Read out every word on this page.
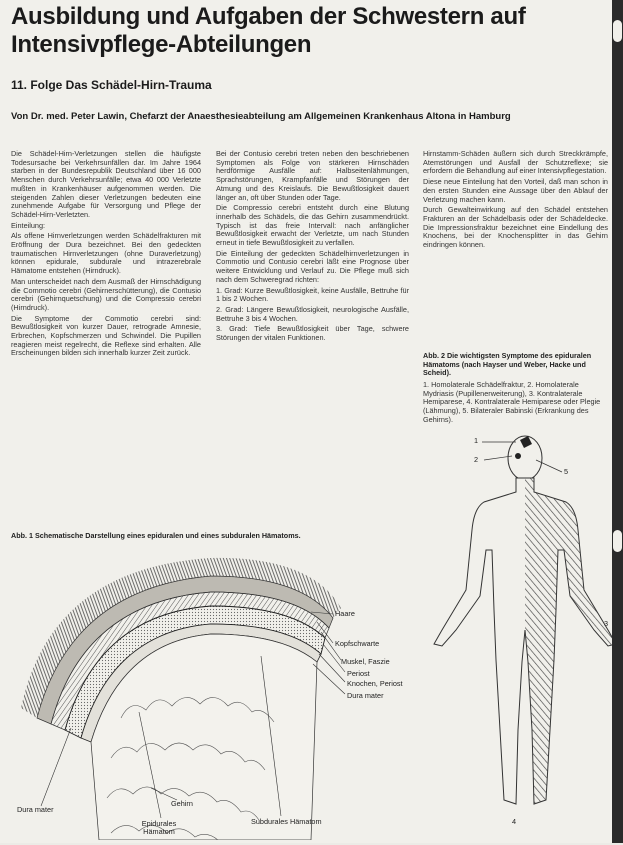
Ausbildung und Aufgaben der Schwestern auf Intensivpflege-Abteilungen
11. Folge Das Schädel-Hirn-Trauma
Von Dr. med. Peter Lawin, Chefarzt der Anaesthesieabteilung am Allgemeinen Krankenhaus Altona in Hamburg

Die Schädel-Hirn-Verletzungen stellen die häufigste Todesursache bei Verkehrsunfällen dar. Im Jahre 1964 starben in der Bundesrepublik Deutschland über 16 000 Menschen durch Verkehrsunfälle; etwa 40 000 Verletzte mußten in Krankenhäuser aufgenommen werden. Die steigenden Zahlen dieser Verletzungen bedeuten eine zunehmende Aufgabe für Versorgung und Pflege der Schädel-Hirn-Verletzten.

Einteilung:

Als offene Hirnverletzungen werden Schädelfrakturen mit Eröffnung der Dura bezeichnet. Bei den gedeckten traumatischen Hirnverletzungen (ohne Duraverletzung) können epidurale, subdurale und intrazerebrale Hämatome entstehen (Hirndruck).

Man unterscheidet nach dem Ausmaß der Hirnschädigung die Commotio cerebri (Gehirnerschütterung), die Contusio cerebri (Gehirnquetschung) und die Compressio cerebri (Hirndruck).

Die Symptome der Commotio cerebri sind: Bewußtlosigkeit von kurzer Dauer, retrograde Amnesie, Erbrechen, Kopfschmerzen und Schwindel. Die Pupillen reagieren meist regelrecht, die Reflexe sind erhalten. Alle Erscheinungen bilden sich innerhalb kurzer Zeit zurück.

Bei der Contusio cerebri treten neben den beschriebenen Symptomen als Folge von stärkeren Hirnschäden herdförmige Ausfälle auf: Halbseitenlähmungen, Sprachstörungen, Krampfanfälle und Störungen der Atmung und des Kreislaufs. Die Bewußtlosigkeit dauert länger an, oft über Stunden oder Tage.

Die Compressio cerebri entsteht durch eine Blutung innerhalb des Schädels, die das Gehirn zusammendrückt. Typisch ist das freie Intervall: nach anfänglicher Bewußtlosigkeit erwacht der Verletzte, um nach Stunden erneut in tiefe Bewußtlosigkeit zu verfallen.

Die Einteilung der gedeckten Schädelhirnverletzungen in Commotio und Contusio cerebri läßt eine Prognose über weitere Entwicklung und Verlauf zu. Die Pflege muß sich nach dem Schweregrad richten:

1. Grad: Kurze Bewußtlosigkeit, keine Ausfälle, Bettruhe für 1 bis 2 Wochen.

2. Grad: Längere Bewußtlosigkeit, neurologische Ausfälle, Bettruhe 3 bis 4 Wochen.

3. Grad: Tiefe Bewußtlosigkeit über Tage, schwere Störungen der vitalen Funktionen.

Hirnstamm-Schäden äußern sich durch Streckkrämpfe, Atemstörungen und Ausfall der Schutzreflexe; sie erfordern die Behandlung auf einer Intensivpflegestation.

Diese neue Einteilung hat den Vorteil, daß man schon in den ersten Stunden eine Aussage über den Ablauf der Verletzung machen kann.

Durch Gewalteinwirkung auf den Schädel entstehen Frakturen an der Schädelbasis oder der Schädeldecke. Die Impressionsfraktur bezeichnet eine Eindellung des Knochens, bei der Knochensplitter in das Gehirn eindringen können.

Abb. 2 Die wichtigsten Symptome des epiduralen Hämatoms (nach Hayser und Weber, Hacke und Scheid).
1. Homolaterale Schädelfraktur, 2. Homolaterale Mydriasis (Pupillenerweiterung), 3. Kontralaterale Hemiparese, 4. Kontralaterale Hemiparese oder Plegie (Lähmung), 5. Bilateraler Babinski (Erkrankung des Gehirns).
Abb. 1 Schematische Darstellung eines epiduralen und eines subduralen Hämatoms.
Haare
Kopfschwarte
Muskel, Faszie
Periost
Knochen, Periost
Dura mater
Dura mater
Gehirn
Epidurales Hämatom
Subdurales Hämatom
1
2
5
3
4
